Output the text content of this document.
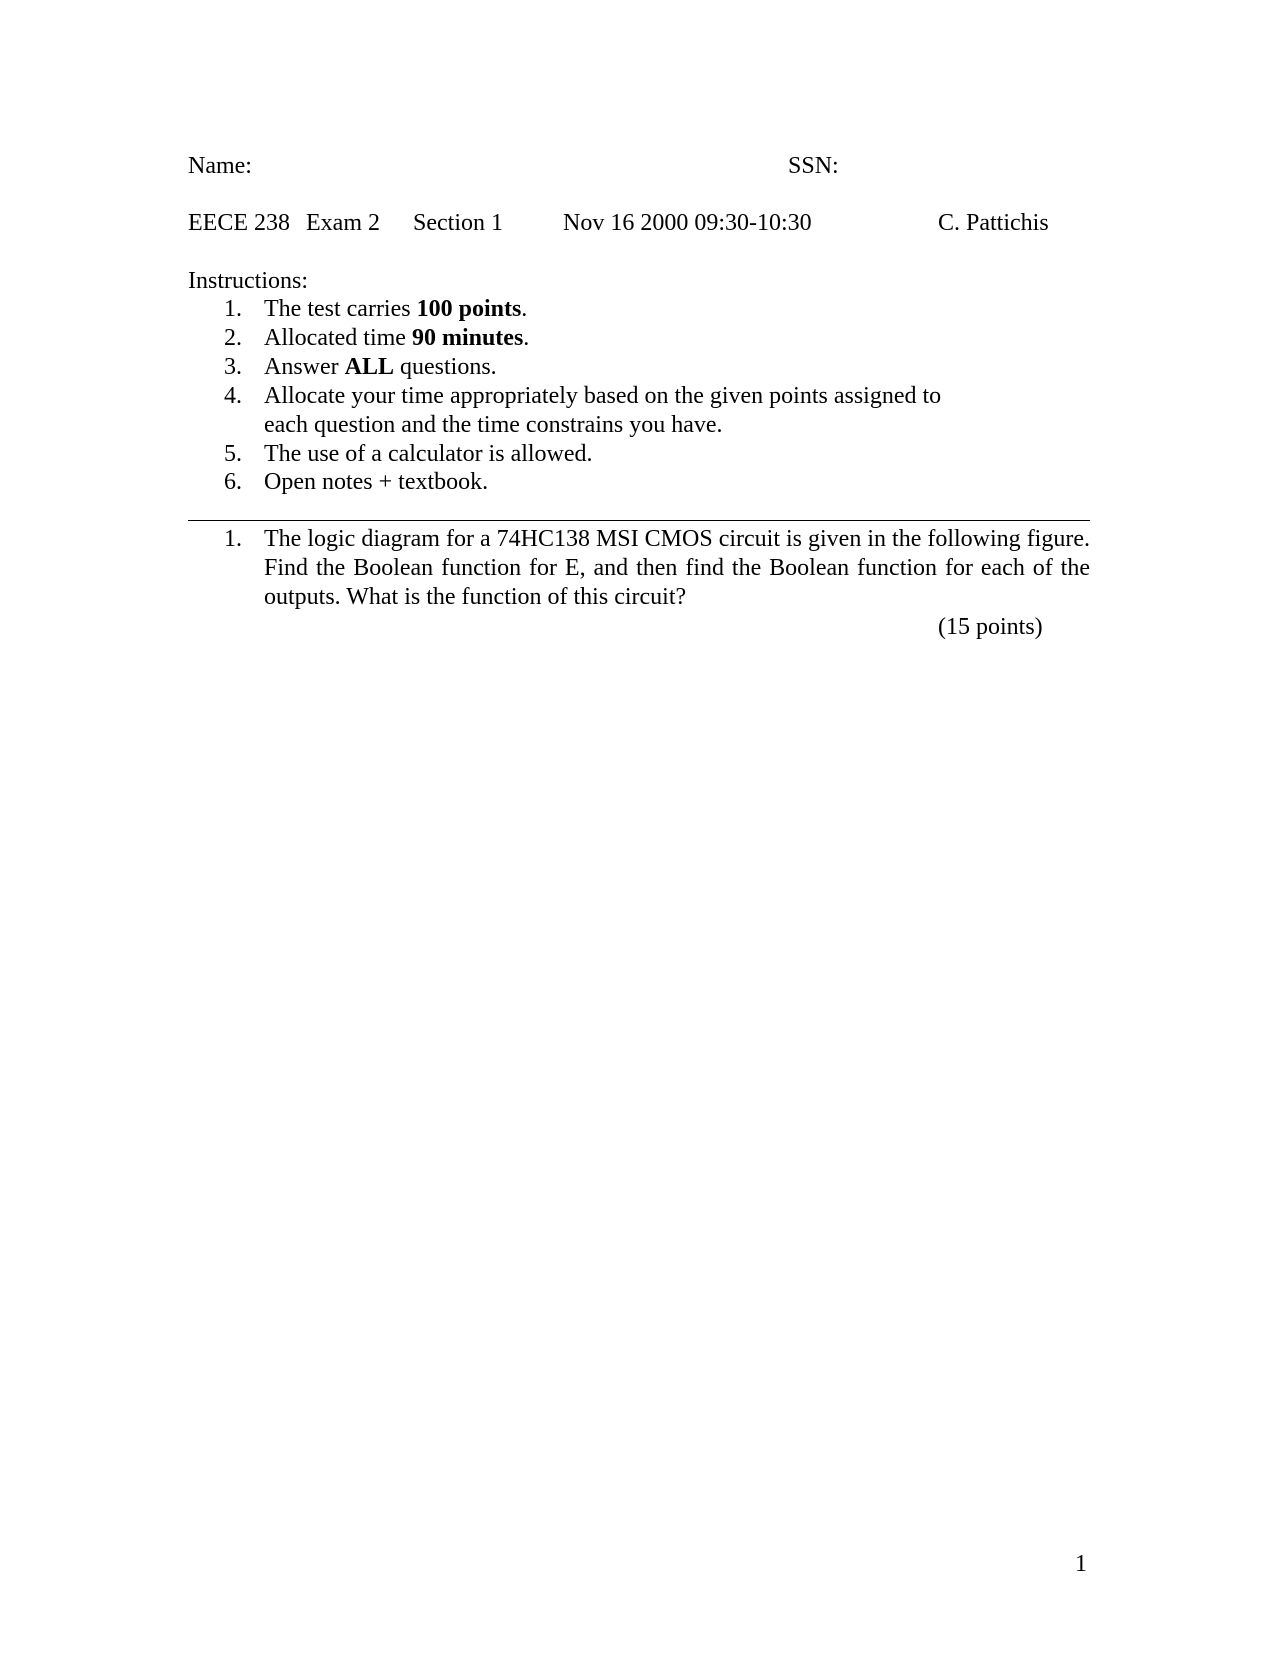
Name:	SSN:
EECE 238 Exam 2 Section 1	Nov 16 2000 09:30-10:30	C. Pattichis
Instructions:
1. The test carries 100 points.
2. Allocated time 90 minutes.
3. Answer ALL questions.
4. Allocate your time appropriately based on the given points assigned to each question and the time constrains you have.
5. The use of a calculator is allowed.
6. Open notes + textbook.
1. The logic diagram for a 74HC138 MSI CMOS circuit is given in the following figure. Find the Boolean function for E, and then find the Boolean function for each of the outputs. What is the function of this circuit?
(15 points)
1
